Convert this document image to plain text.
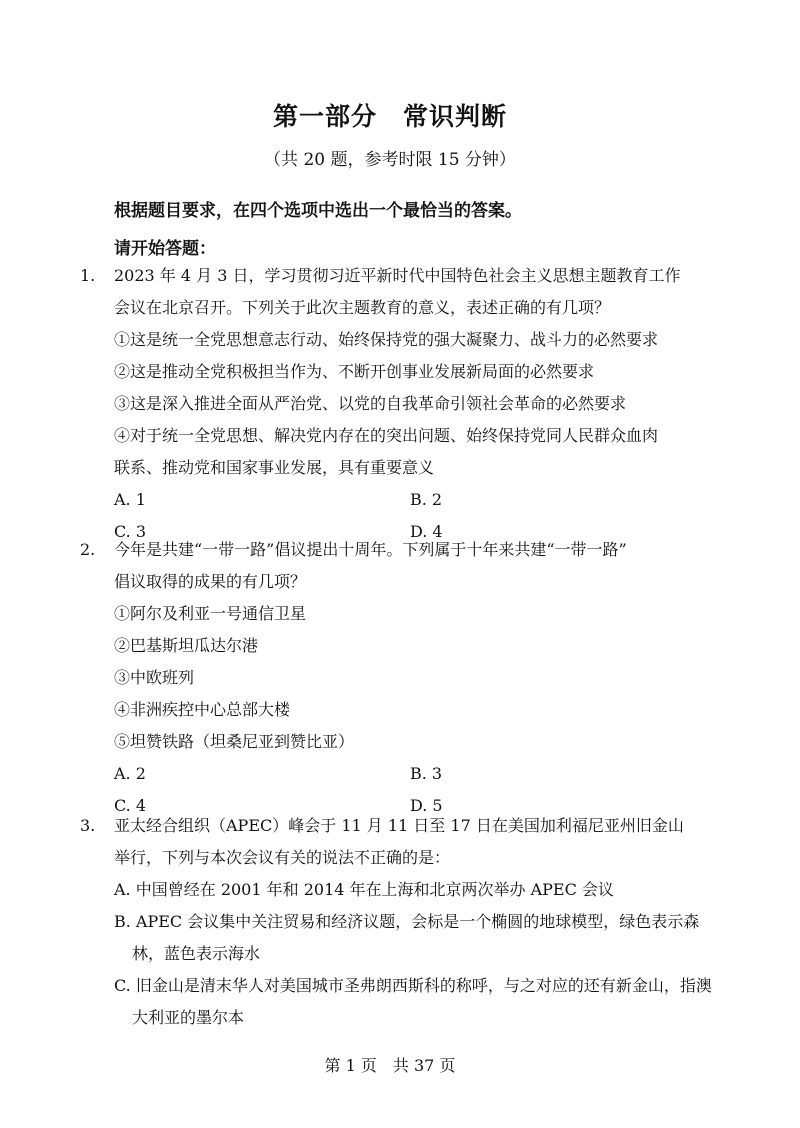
第一部分　常识判断
（共 20 题，参考时限 15 分钟）
根据题目要求，在四个选项中选出一个最恰当的答案。
请开始答题：
1. 2023 年 4 月 3 日，学习贯彻习近平新时代中国特色社会主义思想主题教育工作
会议在北京召开。下列关于此次主题教育的意义，表述正确的有几项？
①这是统一全党思想意志行动、始终保持党的强大凝聚力、战斗力的必然要求
②这是推动全党积极担当作为、不断开创事业发展新局面的必然要求
③这是深入推进全面从严治党、以党的自我革命引领社会革命的必然要求
④对于统一全党思想、解决党内存在的突出问题、始终保持党同人民群众血肉
联系、推动党和国家事业发展，具有重要意义
A. 1	B. 2
C. 3	D. 4
2. 今年是共建“一带一路”倡议提出十周年。下列属于十年来共建“一带一路”
倡议取得的成果的有几项？
①阿尔及利亚一号通信卫星
②巴基斯坦瓜达尔港
③中欧班列
④非洲疾控中心总部大楼
⑤坦赞铁路（坦桑尼亚到赞比亚）
A. 2	B. 3
C. 4	D. 5
3. 亚太经合组织（APEC）峰会于 11 月 11 日至 17 日在美国加利福尼亚州旧金山
举行，下列与本次会议有关的说法不正确的是：
A. 中国曾经在 2001 年和 2014 年在上海和北京两次举办 APEC 会议
B. APEC 会议集中关注贸易和经济议题，会标是一个椭圆的地球模型，绿色表示森林，蓝色表示海水
C. 旧金山是清末华人对美国城市圣弗朗西斯科的称呼，与之对应的还有新金山，指澳大利亚的墨尔本
第 1 页　共 37 页
